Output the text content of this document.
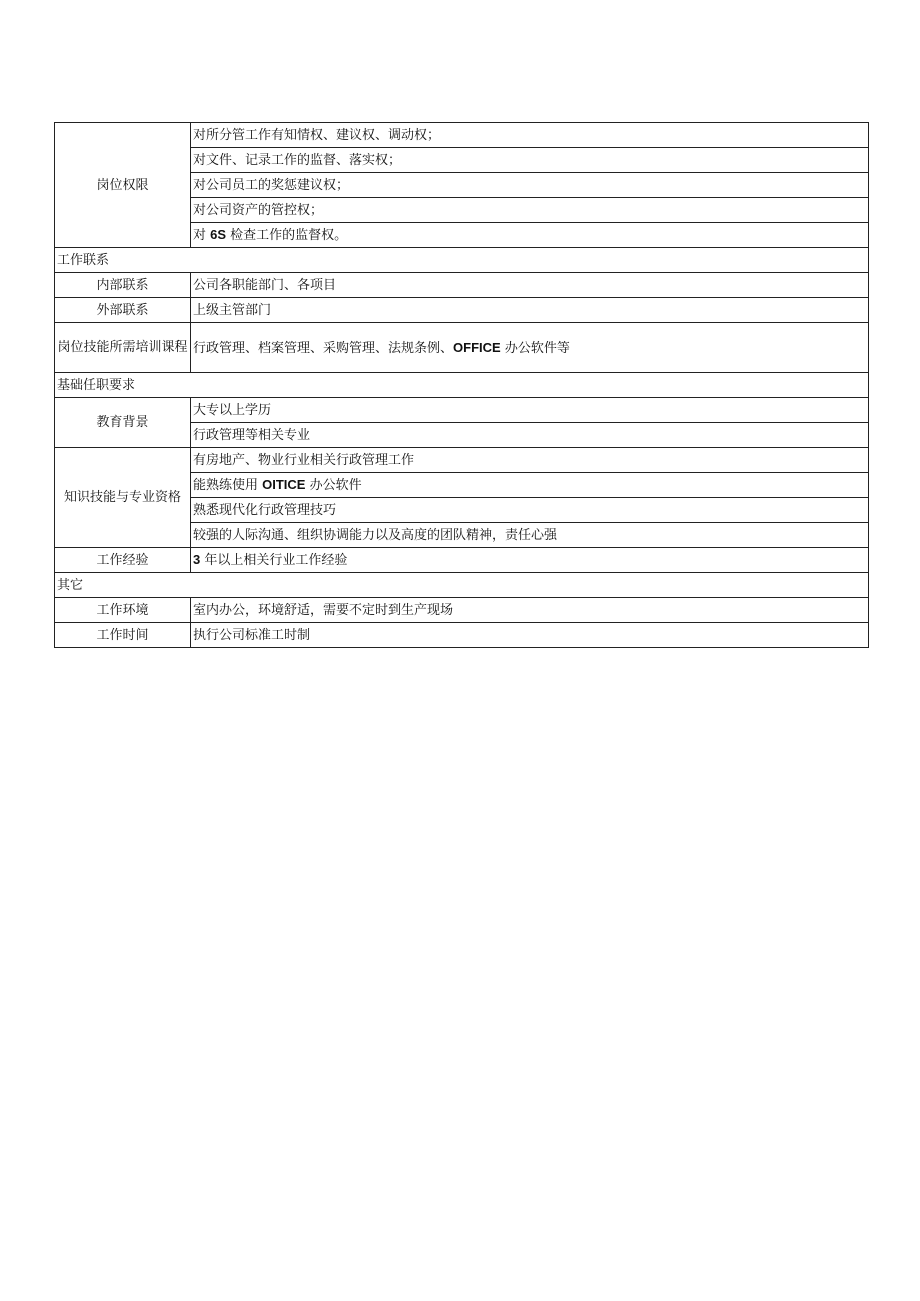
岗位权限	对所分管工作有知情权、建议权、调动权；
	对文件、记录工作的监督、落实权；
	对公司员工的奖惩建议权；
	对公司资产的管控权；
	对 6S 检查工作的监督权。
工作联系	
内部联系	公司各职能部门、各项目
外部联系	上级主管部门
岗位技能所需培训课程	行政管理、档案管理、采购管理、法规条例、OFFICE 办公软件等
基础任职要求	
教育背景	大专以上学历
	行政管理等相关专业
知识技能与专业资格	有房地产、物业行业相关行政管理工作
	能熟练使用 OITICE 办公软件
	熟悉现代化行政管理技巧
	较强的人际沟通、组织协调能力以及高度的团队精神，责任心强
工作经验	3 年以上相关行业工作经验
其它	
工作环境	室内办公，环境舒适，需要不定时到生产现场
工作时间	执行公司标准工时制
